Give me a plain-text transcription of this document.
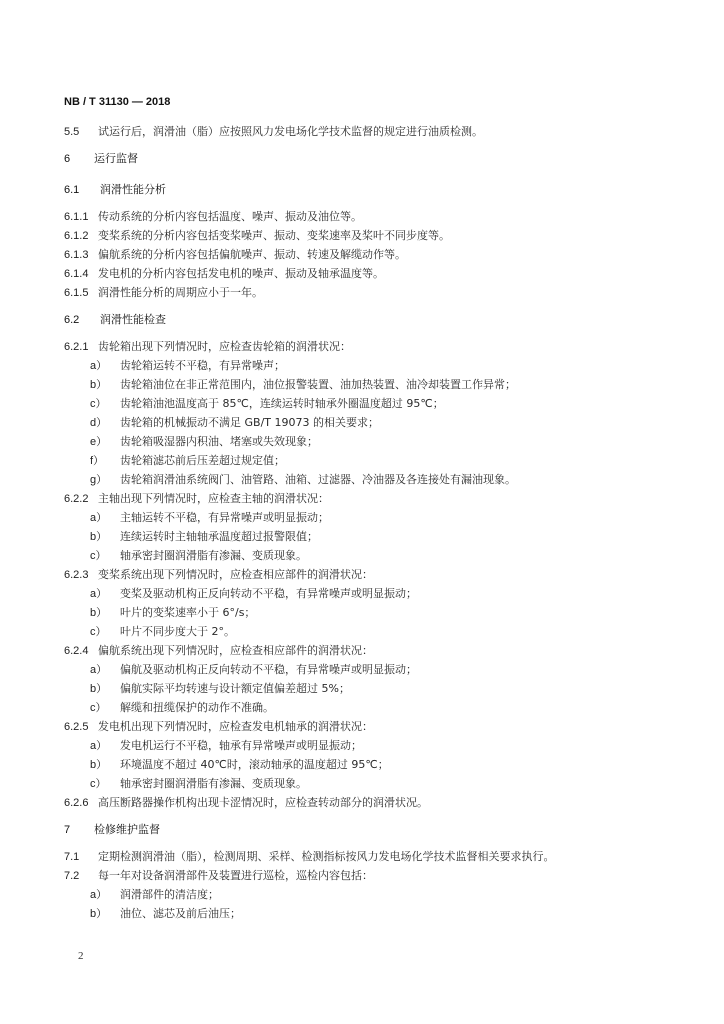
NB / T 31130 — 2018
5.5 试运行后，润滑油（脂）应按照风力发电场化学技术监督的规定进行油质检测。
6 运行监督
6.1 润滑性能分析
6.1.1 传动系统的分析内容包括温度、噪声、振动及油位等。
6.1.2 变桨系统的分析内容包括变桨噪声、振动、变桨速率及桨叶不同步度等。
6.1.3 偏航系统的分析内容包括偏航噪声、振动、转速及解缆动作等。
6.1.4 发电机的分析内容包括发电机的噪声、振动及轴承温度等。
6.1.5 润滑性能分析的周期应小于一年。
6.2 润滑性能检查
6.2.1 齿轮箱出现下列情况时，应检查齿轮箱的润滑状况：
a） 齿轮箱运转不平稳，有异常噪声；
b） 齿轮箱油位在非正常范围内，油位报警装置、油加热装置、油冷却装置工作异常；
c） 齿轮箱油池温度高于 85℃，连续运转时轴承外圈温度超过 95℃；
d） 齿轮箱的机械振动不满足 GB/T 19073 的相关要求；
e） 齿轮箱吸湿器内积油、堵塞或失效现象；
f） 齿轮箱滤芯前后压差超过规定值；
g） 齿轮箱润滑油系统阀门、油管路、油箱、过滤器、冷油器及各连接处有漏油现象。
6.2.2 主轴出现下列情况时，应检查主轴的润滑状况：
a） 主轴运转不平稳，有异常噪声或明显振动；
b） 连续运转时主轴轴承温度超过报警限值；
c） 轴承密封圈润滑脂有渗漏、变质现象。
6.2.3 变桨系统出现下列情况时，应检查相应部件的润滑状况：
a） 变桨及驱动机构正反向转动不平稳，有异常噪声或明显振动；
b） 叶片的变桨速率小于 6°/s；
c） 叶片不同步度大于 2°。
6.2.4 偏航系统出现下列情况时，应检查相应部件的润滑状况：
a） 偏航及驱动机构正反向转动不平稳，有异常噪声或明显振动；
b） 偏航实际平均转速与设计额定值偏差超过 5%；
c） 解缆和扭缆保护的动作不准确。
6.2.5 发电机出现下列情况时，应检查发电机轴承的润滑状况：
a） 发电机运行不平稳，轴承有异常噪声或明显振动；
b） 环境温度不超过 40℃时，滚动轴承的温度超过 95℃；
c） 轴承密封圈润滑脂有渗漏、变质现象。
6.2.6 高压断路器操作机构出现卡涩情况时，应检查转动部分的润滑状况。
7 检修维护监督
7.1 定期检测润滑油（脂），检测周期、采样、检测指标按风力发电场化学技术监督相关要求执行。
7.2 每一年对设备润滑部件及装置进行巡检，巡检内容包括：
a） 润滑部件的清洁度；
b） 油位、滤芯及前后油压；
2
